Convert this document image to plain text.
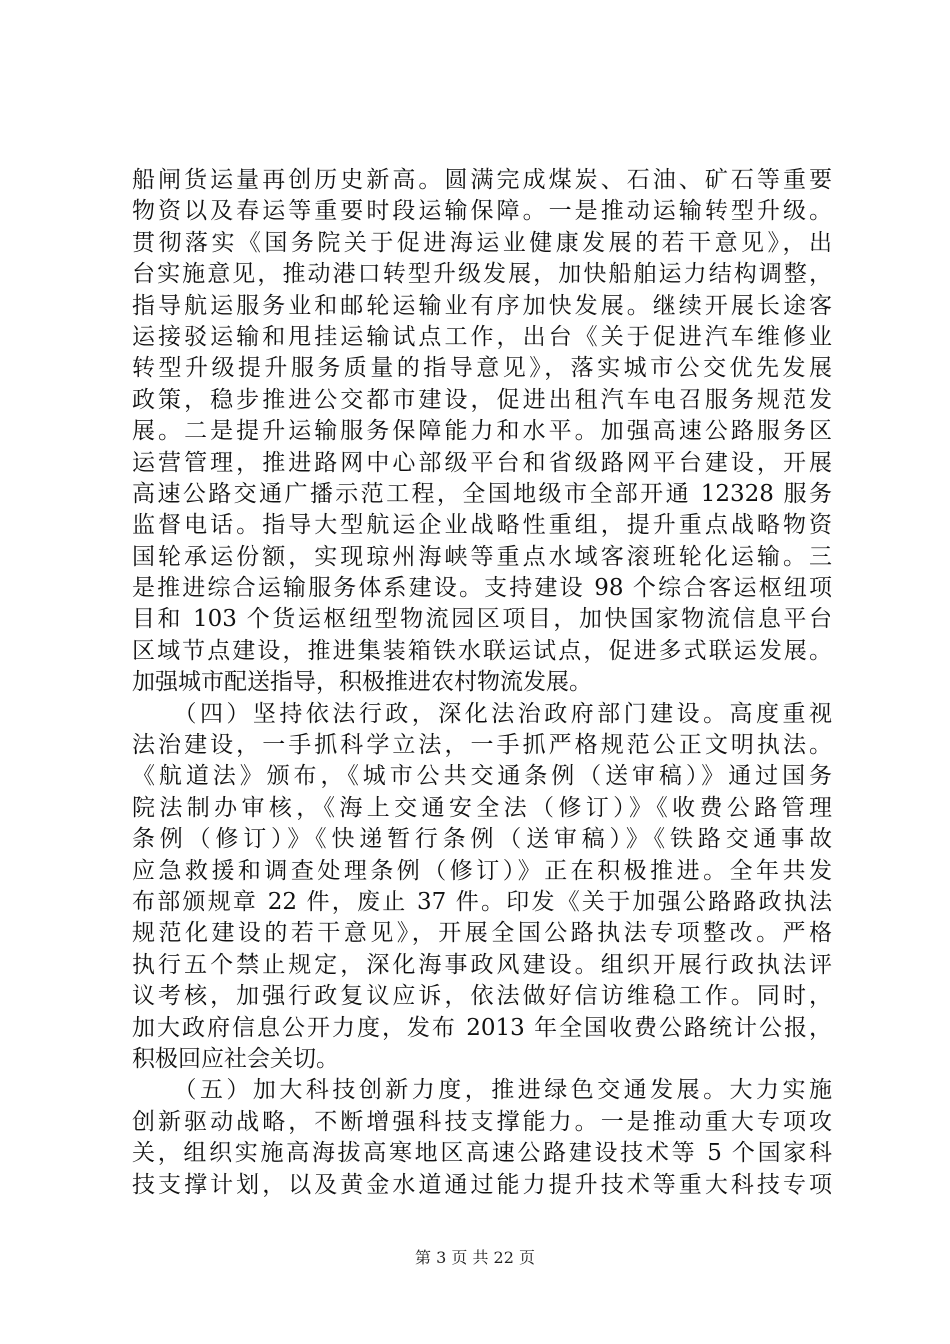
船闸货运量再创历史新高。圆满完成煤炭、石油、矿石等重要
物资以及春运等重要时段运输保障。一是推动运输转型升级。
贯彻落实《国务院关于促进海运业健康发展的若干意见》，出
台实施意见，推动港口转型升级发展，加快船舶运力结构调整，
指导航运服务业和邮轮运输业有序加快发展。继续开展长途客
运接驳运输和甩挂运输试点工作，出台《关于促进汽车维修业
转型升级提升服务质量的指导意见》，落实城市公交优先发展
政策，稳步推进公交都市建设，促进出租汽车电召服务规范发
展。二是提升运输服务保障能力和水平。加强高速公路服务区
运营管理，推进路网中心部级平台和省级路网平台建设，开展
高速公路交通广播示范工程，全国地级市全部开通 12328 服务
监督电话。指导大型航运企业战略性重组，提升重点战略物资
国轮承运份额，实现琼州海峡等重点水域客滚班轮化运输。三
是推进综合运输服务体系建设。支持建设 98 个综合客运枢纽项
目和 103 个货运枢纽型物流园区项目，加快国家物流信息平台
区域节点建设，推进集装箱铁水联运试点，促进多式联运发展。
加强城市配送指导，积极推进农村物流发展。
　　（四）坚持依法行政，深化法治政府部门建设。高度重视
法治建设，一手抓科学立法，一手抓严格规范公正文明执法。
《航道法》颁布，《城市公共交通条例（送审稿）》通过国务
院法制办审核，《海上交通安全法（修订）》《收费公路管理
条例（修订）》《快递暂行条例（送审稿）》《铁路交通事故
应急救援和调查处理条例（修订）》正在积极推进。全年共发
布部颁规章 22 件，废止 37 件。印发《关于加强公路路政执法
规范化建设的若干意见》，开展全国公路执法专项整改。严格
执行五个禁止规定，深化海事政风建设。组织开展行政执法评
议考核，加强行政复议应诉，依法做好信访维稳工作。同时，
加大政府信息公开力度，发布 2013 年全国收费公路统计公报，
积极回应社会关切。
　　（五）加大科技创新力度，推进绿色交通发展。大力实施
创新驱动战略，不断增强科技支撑能力。一是推动重大专项攻
关，组织实施高海拔高寒地区高速公路建设技术等 5 个国家科
技支撑计划，以及黄金水道通过能力提升技术等重大科技专项
第 3 页 共 22 页
